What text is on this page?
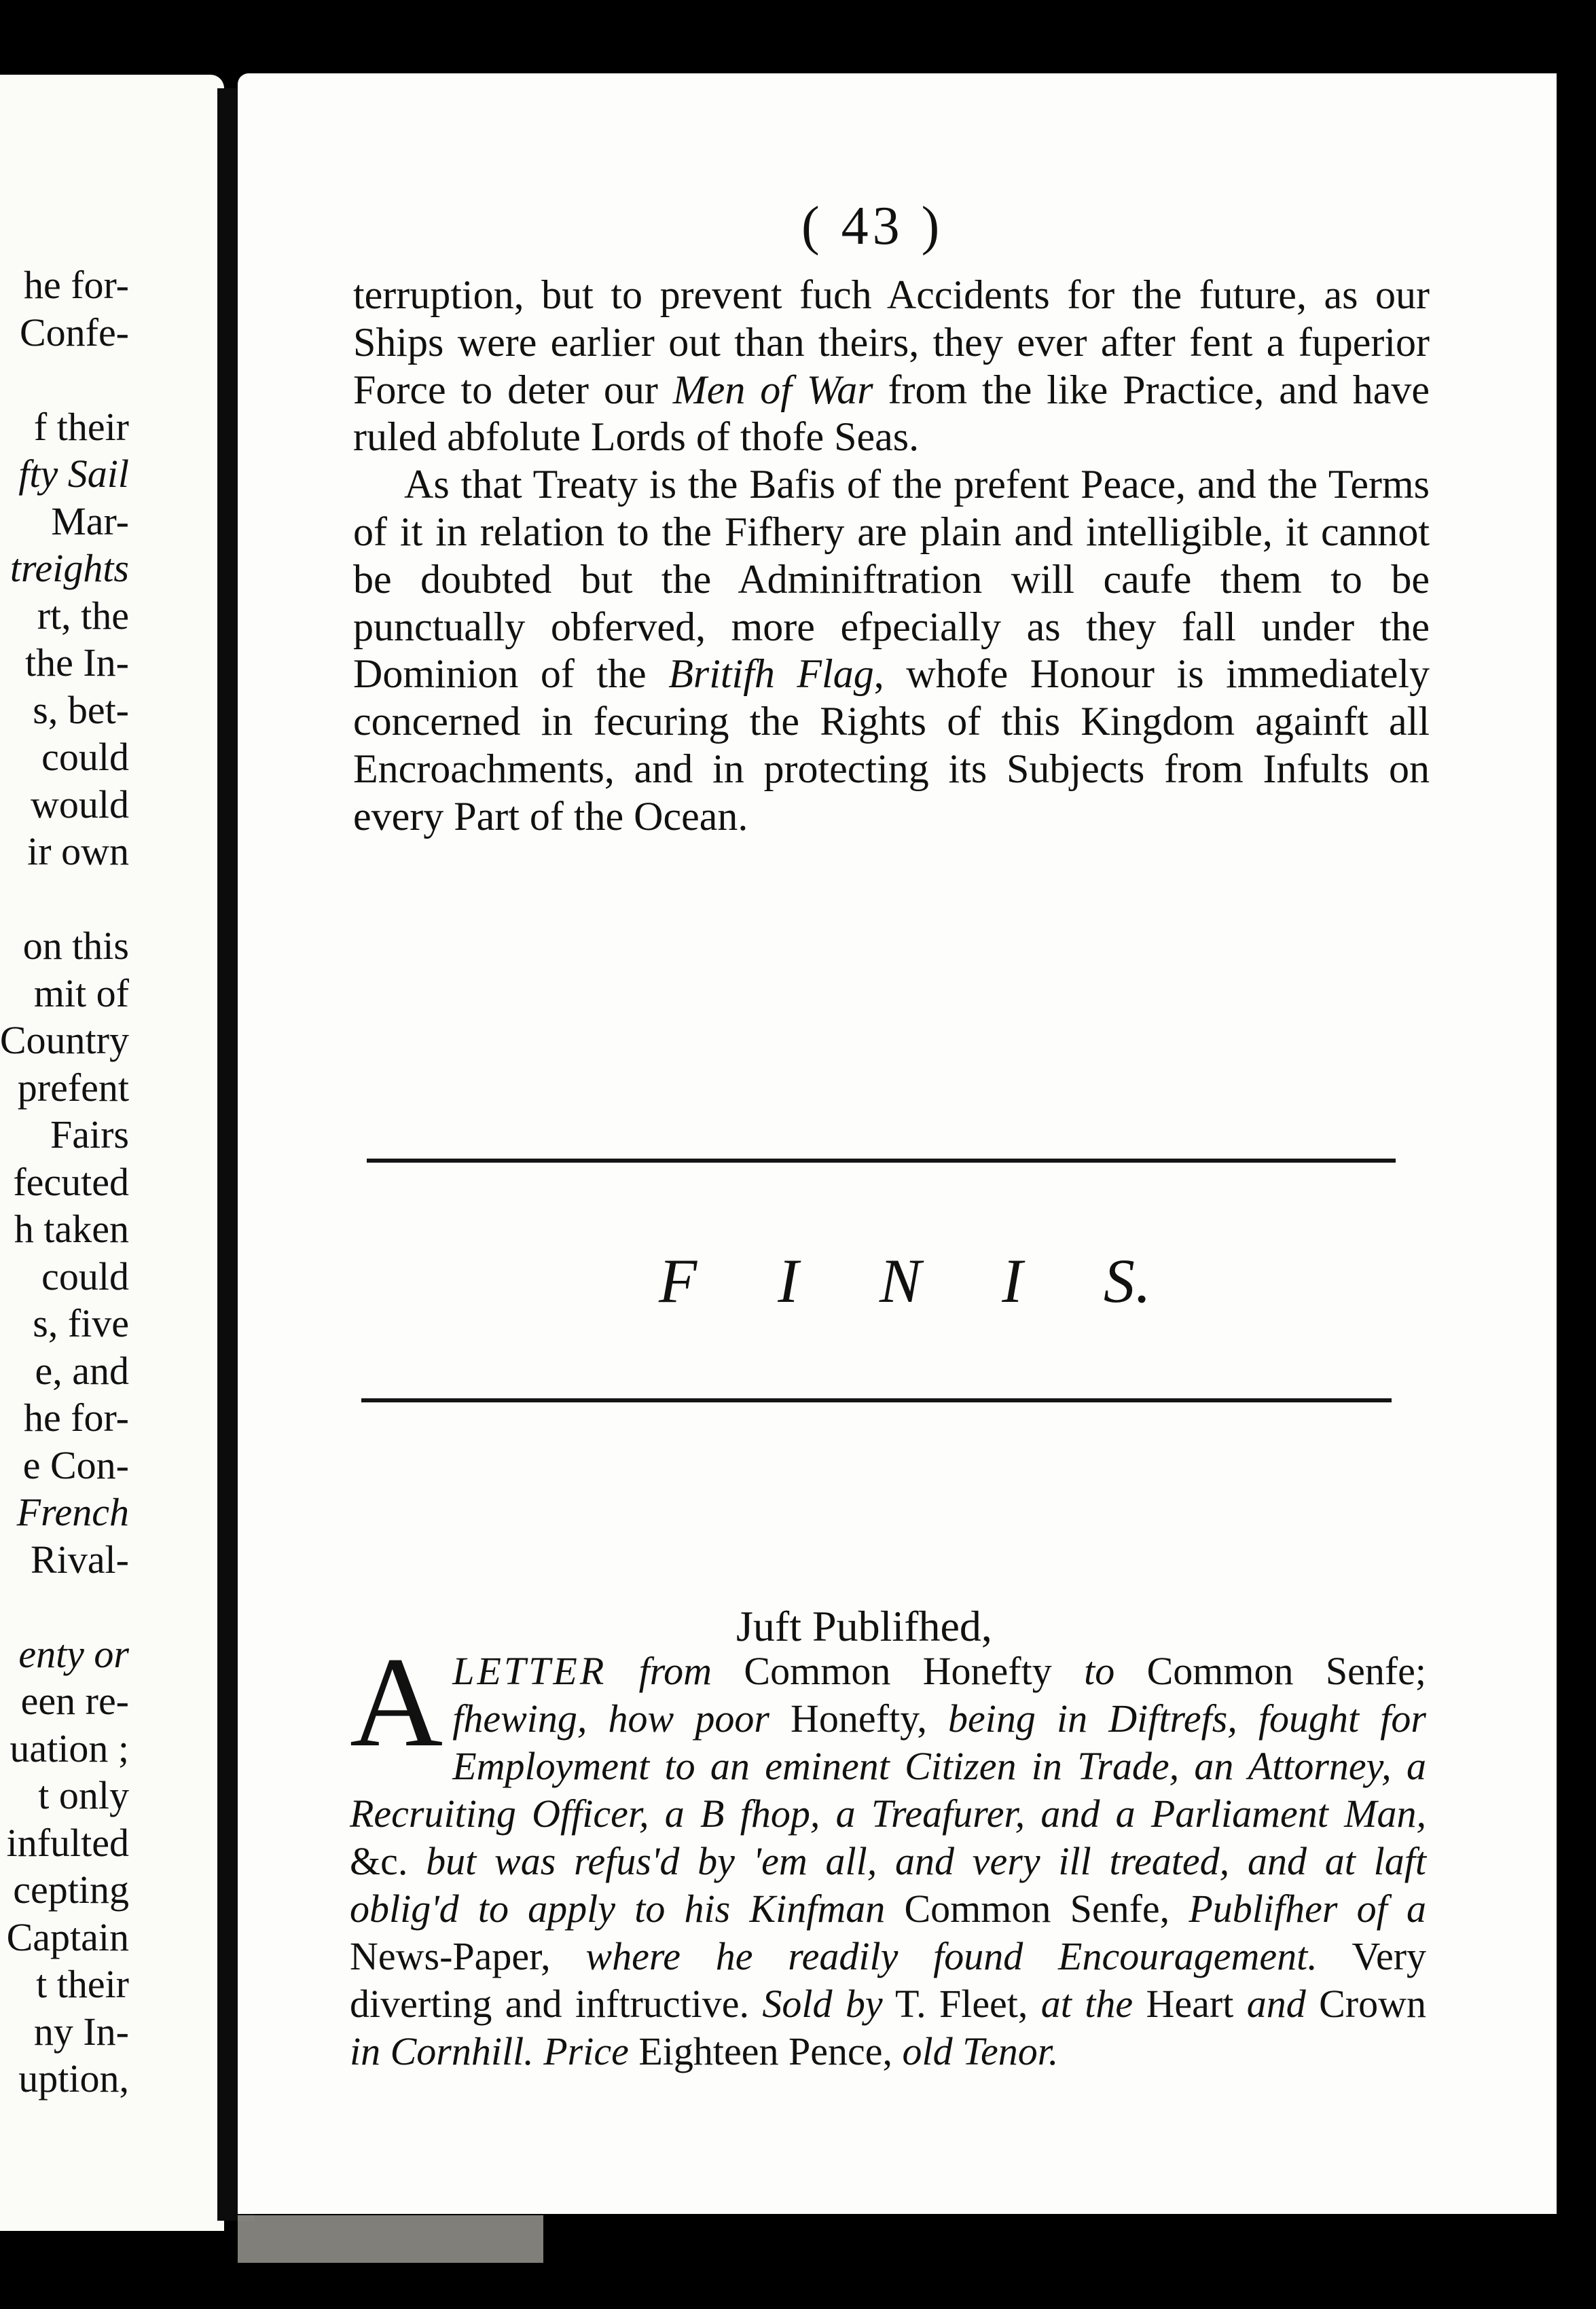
he for-
Confe-

f their
fty Sail
Mar-
treights
rt, the
the In-
s, bet-
could
would
ir own

on this
mit of
Country
prefent
Fairs
fecuted
h taken
could
s, five
e, and
he for-
e Con-
French
Rival-

enty or
een re-
uation ;
t only
infulted
cepting
Captain
t their
ny In-
uption,
( 43 )

terruption, but to prevent fuch Accidents for the future, as our Ships were earlier out than theirs, they ever after fent a fuperior Force to deter our Men of War from the like Practice, and have ruled abfolute Lords of thofe Seas.

As that Treaty is the Bafis of the prefent Peace, and the Terms of it in relation to the Fifhery are plain and intelligible, it cannot be doubted but the Adminiftration will caufe them to be punctually obferved, more efpecially as they fall under the Dominion of the Britifh Flag, whofe Honour is immediately concerned in fecuring the Rights of this Kingdom againft all Encroachments, and in protecting its Subjects from Infults on every Part of the Ocean.

F I N I S.
Juft Publifhed,
ALETTER from Common Honefty to Common Senfe; fhewing, how poor Honefty, being in Diftrefs, fought for Employment to an eminent Citizen in Trade, an Attorney, a Recruiting Officer, a B fhop, a Treafurer, and a Parliament Man, &c. but was refus'd by 'em all, and very ill treated, and at laft oblig'd to apply to his Kinfman Common Senfe, Publifher of a News-Paper, where he readily found Encouragement. Very diverting and inftructive. Sold by T. Fleet, at the Heart and Crown in Cornhill. Price Eighteen Pence, old Tenor.
